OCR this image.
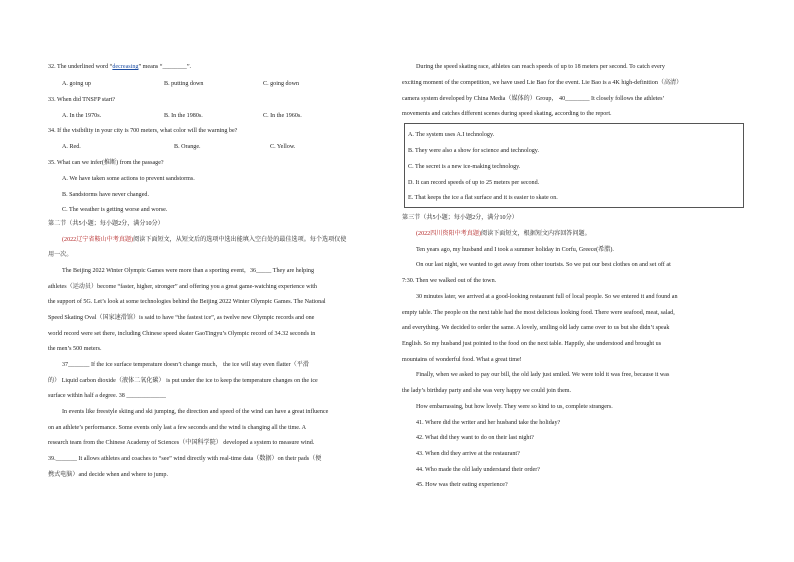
32. The underlined word “decreasing” means “________”.
A. going up	B. putting down	C. going down
33. When did TNSFP start?
A. In the 1970s.	B. In the 1980s.	C. In the 1960s.
34. If the visibility in your city is 700 meters, what color will the warning be?
A. Red.	B. Orange.	C. Yellow.
35. What can we infer(推断) from the passage?
A. We have taken some actions to prevent sandstorms.
B. Sandstorms have never changed.
C. The weather is getting worse and worse.
第二节（共5小题；每小题2分，满分10分）
(2022辽宁省鞍山中考真题)阅读下面短文，从短文后的选项中选出能填入空白处的最佳选项。每个选项仅使
用一次。
The Beijing 2022 Winter Olympic Games were more than a sporting event，36_____ They are helping
athletes（运动员）become “faster, higher, stronger” and offering you a great game-watching experience with
the support of 5G. Let’s look at some technologies behind the Beijing 2022 Winter Olympic Games. The National
Speed Skating Oval（国家速滑馆）is said to have “the fastest ice”, as twelve new Olympic records and one
world record were set there, including Chinese speed skater GaoTingyu’s Olympic record of 34.32 seconds in
the men’s 500 meters.
37_______ If the ice surface temperature doesn’t change much， the ice will stay even flatter（平滑
的） Liquid carbon dioxide（液体二氧化碳） is put under the ice to keep the temperature changes on the ice
surface within half a degree. 38 _____________
In events like freestyle skiing and ski jumping, the direction and speed of the wind can have a great influence
on an athlete’s performance. Some events only last a few seconds and the wind is changing all the time. A
research team from the Chinese Academy of Sciences（中国科学院） developed a system to measure wind.
39._______ It allows athletes and coaches to “see” wind directly with real-time data（数据）on their pads（便
携式电脑）and decide when and where to jump.
During the speed skating race, athletes can reach speeds of up to 18 meters per second. To catch every
exciting moment of the competition, we have used Lie Bao for the event. Lie Bao is a 4K high-definition（高清）
camera system developed by China Media（媒体的）Group， 40________ It closely follows the athletes’
movements and catches different scenes during speed skating, according to the report.
A. The system uses A.I technology.
B. They were also a show for science and technology.
C. The secret is a new ice-making technology.
D. It can record speeds of up to 25 meters per second.
E. That keeps the ice a flat surface and it is easier to skate on.
第三节（共5小题；每小题2分，满分10分）
(2022四川资阳中考真题)阅读下面短文，根据短文内容回答问题。
Ten years ago, my husband and I took a summer holiday in Corfu, Greece(希腊).
On our last night, we wanted to get away from other tourists. So we put our best clothes on and set off at
7:30. Then we walked out of the town.
30 minutes later, we arrived at a good-looking restaurant full of local people. So we entered it and found an
empty table. The people on the next table had the most delicious looking food. There were seafood, meat, salad,
and everything. We decided to order the same. A lovely, smiling old lady came over to us but she didn’t speak
English. So my husband just pointed to the food on the next table. Happily, she understood and brought us
mountains of wonderful food. What a great time!
Finally, when we asked to pay our bill, the old lady just smiled. We were told it was free, because it was
the lady’s birthday party and she was very happy we could join them.
How embarrassing, but how lovely. They were so kind to us, complete strangers.
41. Where did the writer and her husband take the holiday?
42. What did they want to do on their last night?
43. When did they arrive at the restaurant?
44. Who made the old lady understand their order?
45. How was their eating experience?
